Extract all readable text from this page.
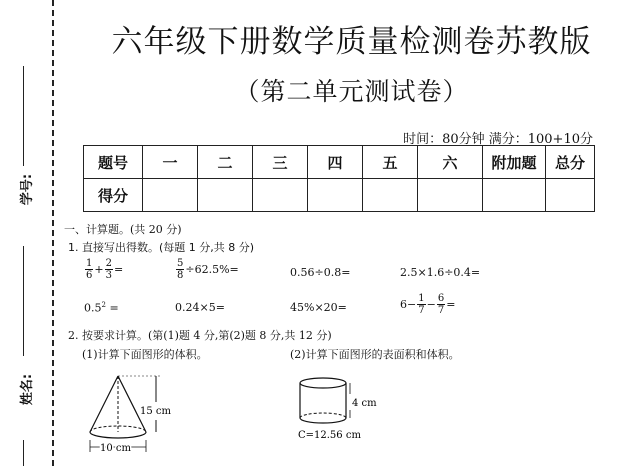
学号:
姓名:
六年级下册数学质量检测卷苏教版
（第二单元测试卷）
时间：80分钟 满分：100+10分
题号	一	二	三	四	五	六	附加题	总分
得分								
一、计算题。(共 20 分)
1. 直接写出得数。(每题 1 分,共 8 分)
$\frac{1}{6} + \frac{2}{3}$ =	$\frac{5}{8} \div 62.5\%=$	0.56÷0.8=	2.5×1.6÷0.4=
$0.5^2$ =	0.24×5=	45%×20=	$6- \frac{1}{7} - \frac{6}{7}$ =
2. 按要求计算。(第(1)题 4 分,第(2)题 8 分,共 12 分)
(1)计算下面图形的体积。	(2)计算下面图形的表面积和体积。
15 cm
10 cm
4 cm
C=12.56 cm
